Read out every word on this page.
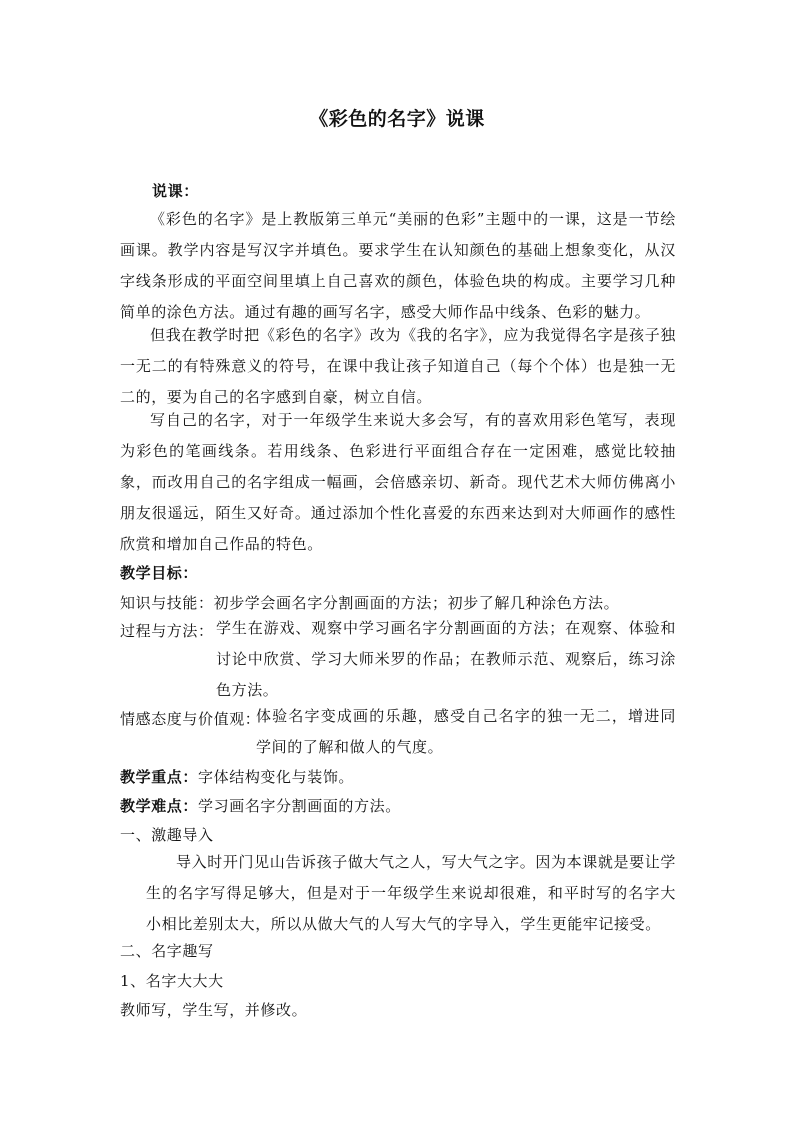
《彩色的名字》说课
说课：
《彩色的名字》是上教版第三单元“美丽的色彩”主题中的一课，这是一节绘画课。教学内容是写汉字并填色。要求学生在认知颜色的基础上想象变化，从汉字线条形成的平面空间里填上自己喜欢的颜色，体验色块的构成。主要学习几种简单的涂色方法。通过有趣的画写名字，感受大师作品中线条、色彩的魅力。
但我在教学时把《彩色的名字》改为《我的名字》，应为我觉得名字是孩子独一无二的有特殊意义的符号，在课中我让孩子知道自己（每个个体）也是独一无二的，要为自己的名字感到自豪，树立自信。
写自己的名字，对于一年级学生来说大多会写，有的喜欢用彩色笔写，表现为彩色的笔画线条。若用线条、色彩进行平面组合存在一定困难，感觉比较抽象，而改用自己的名字组成一幅画，会倍感亲切、新奇。现代艺术大师仿佛离小朋友很遥远，陌生又好奇。通过添加个性化喜爱的东西来达到对大师画作的感性欣赏和增加自己作品的特色。
教学目标：
知识与技能：初步学会画名字分割画面的方法；初步了解几种涂色方法。
过程与方法： 学生在游戏、观察中学习画名字分割画面的方法；在观察、体验和讨论中欣赏、学习大师米罗的作品；在教师示范、观察后，练习涂色方法。
情感态度与价值观：
体验名字变成画的乐趣，感受自己名字的独一无二，增进同学间的了解和做人的气度。
教学重点：字体结构变化与装饰。
教学难点：学习画名字分割画面的方法。
一、激趣导入
导入时开门见山告诉孩子做大气之人，写大气之字。因为本课就是要让学生的名字写得足够大，但是对于一年级学生来说却很难，和平时写的名字大小相比差别太大，所以从做大气的人写大气的字导入，学生更能牢记接受。
二、名字趣写
1、名字大大大
教师写，学生写，并修改。
